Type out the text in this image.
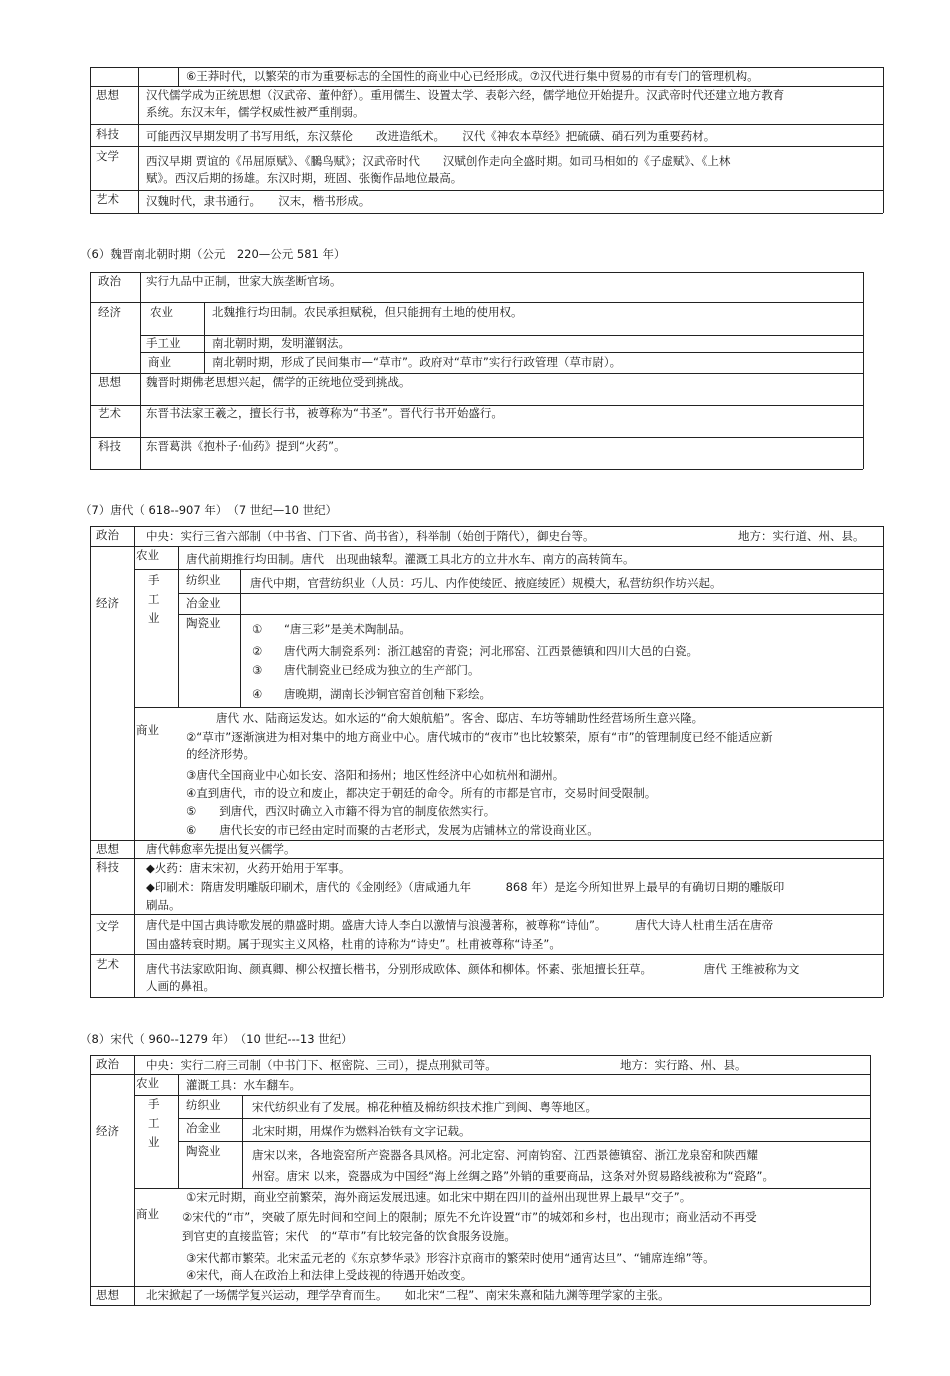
⑥王莽时代，以繁荣的市为重要标志的全国性的商业中心已经形成。⑦汉代进行集中贸易的市有专门的管理机构。
思想 汉代儒学成为正统思想（汉武帝、董仲舒）。重用儒生、设置太学、表彰六经，儒学地位开始提升。汉武帝时代还建立地方教育
系统。东汉末年，儒学权威性被严重削弱。
科技 可能西汉早期发明了书写用纸，东汉蔡伦　　改进造纸术。　　汉代《神农本草经》把硫磺、硝石列为重要药材。
文学 西汉早期 贾谊的《吊屈原赋》、《鵩鸟赋》；汉武帝时代　　汉赋创作走向全盛时期。如司马相如的《子虚赋》、《上林
赋》。西汉后期的扬雄。东汉时期，班固、张衡作品地位最高。
艺术 汉魏时代，隶书通行。　　汉末，楷书形成。
（6）魏晋南北朝时期（公元　220—公元 581 年）
政治 实行九品中正制，世家大族垄断官场。
经济	农业	北魏推行均田制。农民承担赋税，但只能拥有土地的使用权。
手工业	南北朝时期，发明灌钢法。
商业	南北朝时期，形成了民间集市—“草市”。政府对“草市”实行行政管理（草市尉）。
思想 魏晋时期佛老思想兴起，儒学的正统地位受到挑战。
艺术 东晋书法家王羲之，擅长行书，被尊称为“书圣”。晋代行书开始盛行。
科技 东晋葛洪《抱朴子·仙药》提到“火药”。
（7）唐代（ 618--907 年）　（7 世纪—10 世纪）
政治 中央：实行三省六部制（中书省、门下省、尚书省），科举制（始创于隋代），御史台等。	地方：实行道、州、县。
经济
农业 唐代前期推行均田制。唐代　出现曲辕犁。灌溉工具北方的立井水车、南方的高转筒车。
手
工
业
纺织业	唐代中期，官营纺织业（人员：巧儿、内作使绫匠、掖庭绫匠）规模大，私营纺织作坊兴起。
冶金业
陶瓷业	① “唐三彩”是美术陶制品。
② 唐代两大制瓷系列：浙江越窑的青瓷；河北邢窑、江西景德镇和四川大邑的白瓷。
③ 唐代制瓷业已经成为独立的生产部门。
④ 唐晚期，湖南长沙铜官窑首创釉下彩绘。
商业
唐代 水、陆商运发达。如水运的“俞大娘航船”。客舍、邸店、车坊等辅助性经营场所生意兴隆。
②“草市”逐渐演进为相对集中的地方商业中心。唐代城市的“夜市”也比较繁荣，原有“市”的管理制度已经不能适应新
的经济形势。
③唐代全国商业中心如长安、洛阳和扬州；地区性经济中心如杭州和湖州。
④直到唐代，市的设立和废止，都决定于朝廷的命令。所有的市都是官市，交易时间受限制。
⑤　　到唐代，西汉时确立入市籍不得为官的制度依然实行。
⑥　　唐代长安的市已经由定时而聚的古老形式，发展为店铺林立的常设商业区。
思想 唐代韩愈率先提出复兴儒学。
科技 ◆火药：唐末宋初，火药开始用于军事。
◆印刷术：隋唐发明雕版印刷术，唐代的《金刚经》（唐咸通九年　　　868 年）是迄今所知世界上最早的有确切日期的雕版印
刷品。
文学 唐代是中国古典诗歌发展的鼎盛时期。盛唐大诗人李白以激情与浪漫著称，被尊称“诗仙”。　　　唐代大诗人杜甫生活在唐帝
国由盛转衰时期。属于现实主义风格，杜甫的诗称为“诗史”。杜甫被尊称“诗圣”。
艺术 唐代书法家欧阳询、颜真卿、柳公权擅长楷书，分别形成欧体、颜体和柳体。怀素、张旭擅长狂草。　　　　　唐代 王维被称为文
人画的鼻祖。
（8）宋代（ 960--1279 年）　（10 世纪---13 世纪）
政治 中央：实行二府三司制（中书门下、枢密院、三司），提点刑狱司等。	地方：实行路、州、县。
经济
农业 灌溉工具：水车翻车。
手
工
业
纺织业	宋代纺织业有了发展。棉花种植及棉纺织技术推广到闽、粤等地区。
冶金业	北宋时期，用煤作为燃料冶铁有文字记载。
陶瓷业	唐宋以来，各地瓷窑所产瓷器各具风格。河北定窑、河南钧窑、江西景德镇窑、浙江龙泉窑和陕西耀
州窑。唐宋 以来，瓷器成为中国经“海上丝绸之路”外销的重要商品，这条对外贸易路线被称为“瓷路”。
商业
①宋元时期，商业空前繁荣，海外商运发展迅速。如北宋中期在四川的益州出现世界上最早“交子”。
②宋代的“市”，突破了原先时间和空间上的限制；原先不允许设置“市”的城郊和乡村，也出现市；商业活动不再受
到官吏的直接监管；宋代　的“草市”有比较完备的饮食服务设施。
③宋代都市繁荣。北宋孟元老的《东京梦华录》形容汴京商市的繁荣时使用“通宵达旦”、“铺席连绵”等。
④宋代，商人在政治上和法律上受歧视的待遇开始改变。
思想 北宋掀起了一场儒学复兴运动，理学孕育而生。　　如北宋“二程”、南宋朱熹和陆九渊等理学家的主张。
